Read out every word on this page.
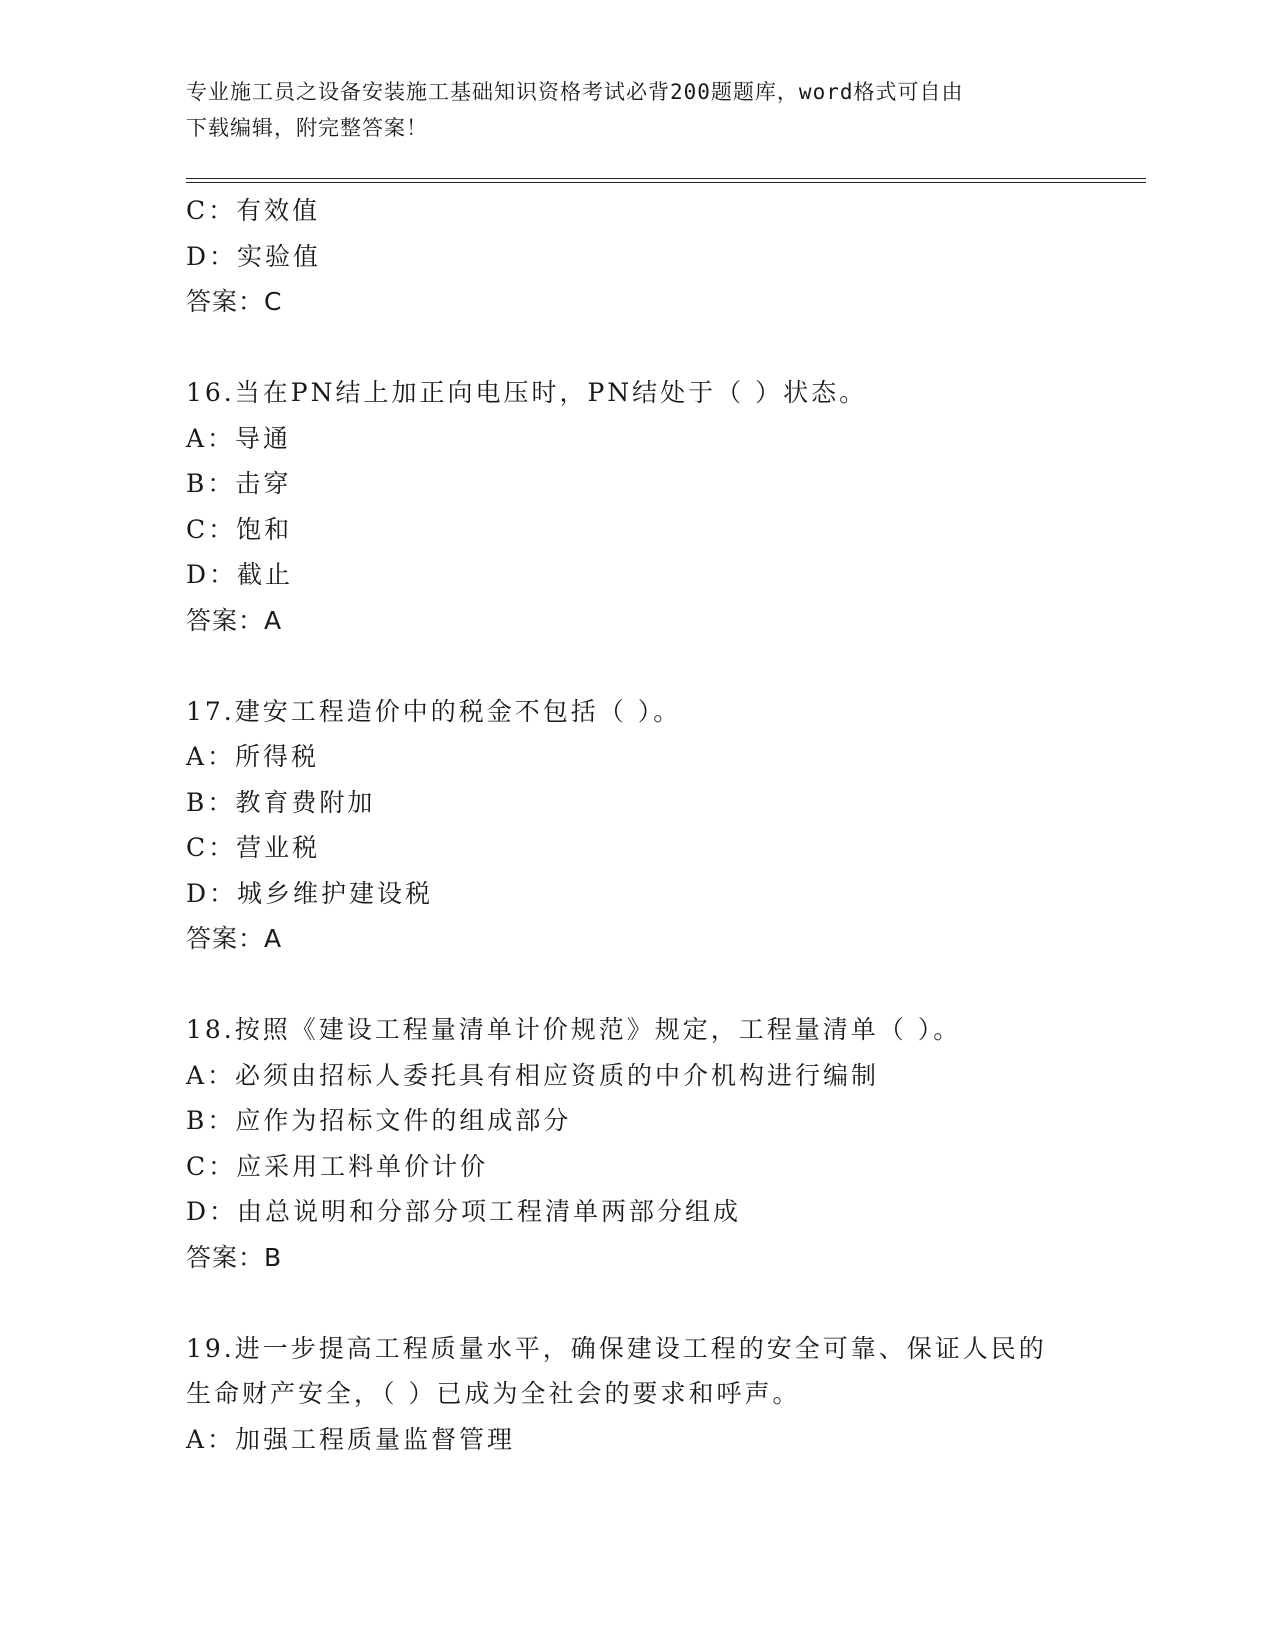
专业施工员之设备安装施工基础知识资格考试必背200题题库，word格式可自由
下载编辑，附完整答案！
C：有效值
D：实验值
答案：C
16.当在PN结上加正向电压时，PN结处于（ ）状态。
A：导通
B：击穿
C：饱和
D：截止
答案：A
17.建安工程造价中的税金不包括（ ）。
A：所得税
B：教育费附加
C：营业税
D：城乡维护建设税
答案：A
18.按照《建设工程量清单计价规范》规定，工程量清单（ ）。
A：必须由招标人委托具有相应资质的中介机构进行编制
B：应作为招标文件的组成部分
C：应采用工料单价计价
D：由总说明和分部分项工程清单两部分组成
答案：B
19.进一步提高工程质量水平，确保建设工程的安全可靠、保证人民的
生命财产安全，（ ）已成为全社会的要求和呼声。
A：加强工程质量监督管理
